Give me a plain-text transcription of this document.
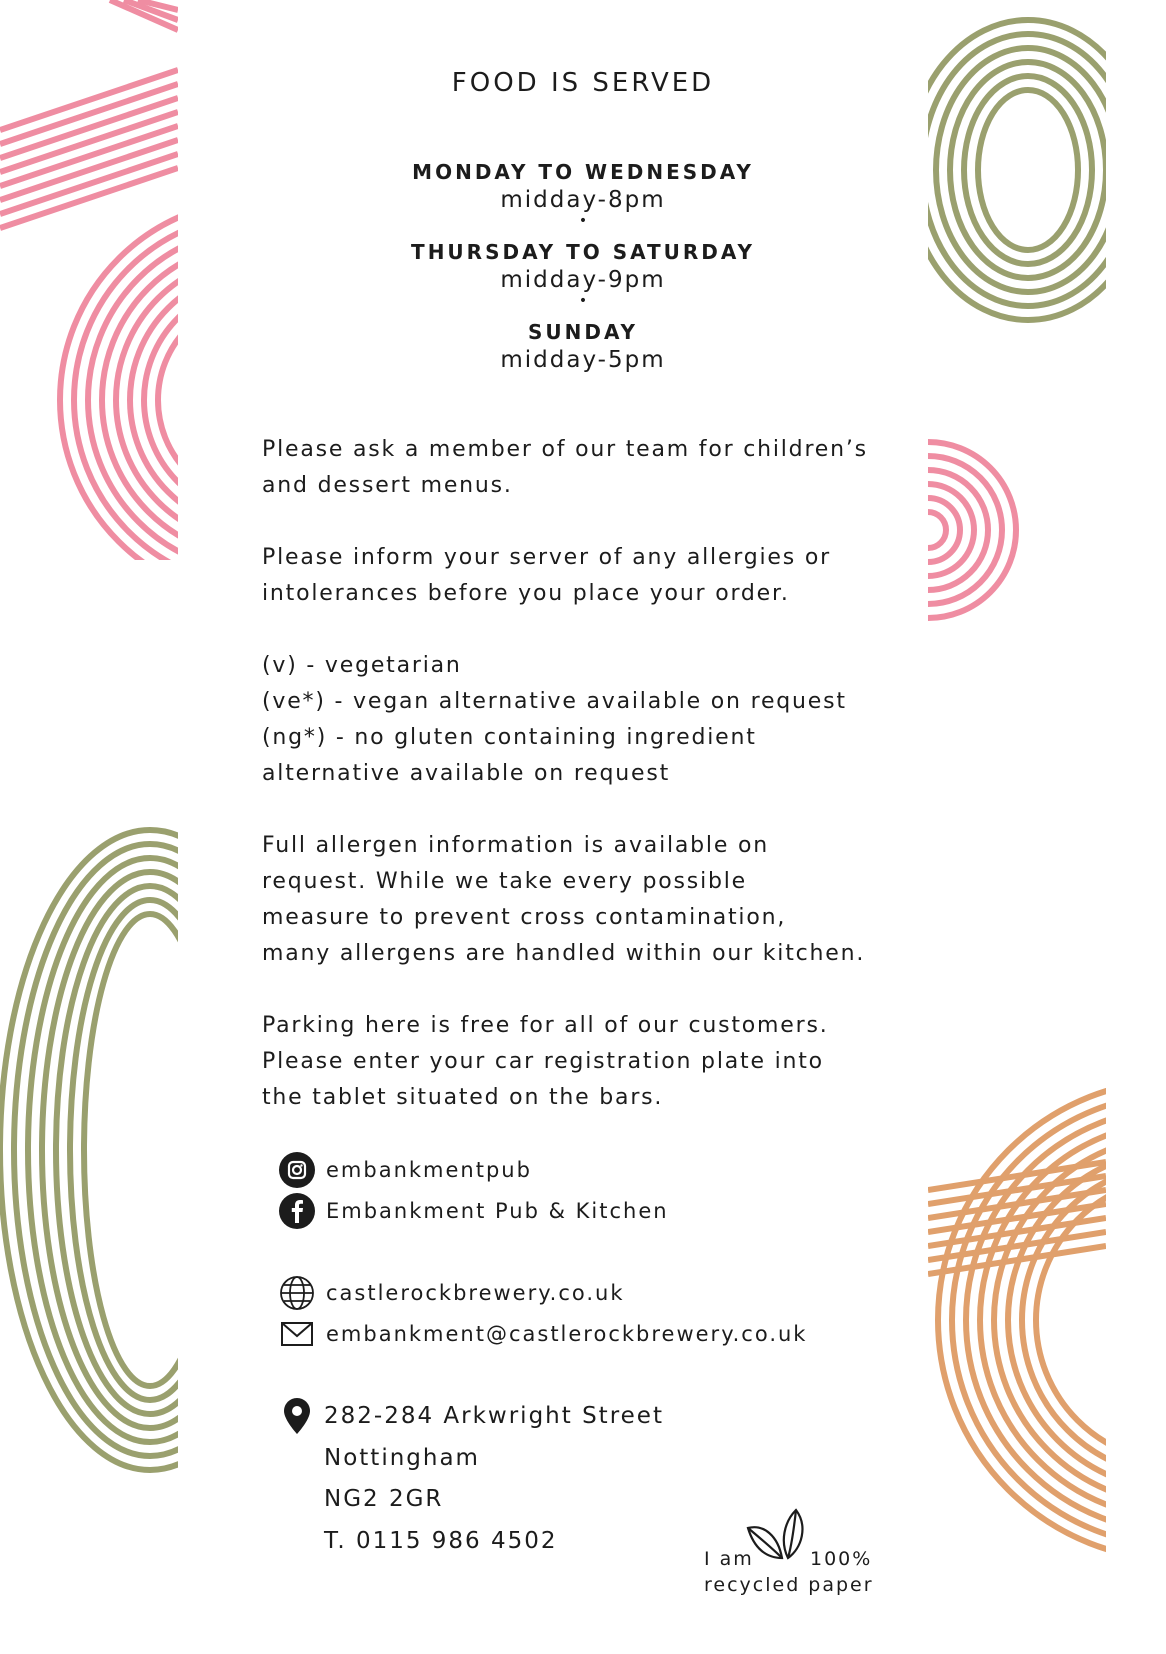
FOOD IS SERVED
MONDAY TO WEDNESDAY
midday-8pm
•
THURSDAY TO SATURDAY
midday-9pm
•
SUNDAY
midday-5pm
Please ask a member of our team for children’s
and dessert menus.
Please inform your server of any allergies or
intolerances before you place your order.
(v) - vegetarian
(ve*) - vegan alternative available on request
(ng*) - no gluten containing ingredient
alternative available on request
Full allergen information is available on
request. While we take every possible
measure to prevent cross contamination,
many allergens are handled within our kitchen.
Parking here is free for all of our customers.
Please enter your car registration plate into
the tablet situated on the bars.
embankmentpub
Embankment Pub & Kitchen
castlerockbrewery.co.uk
embankment@castlerockbrewery.co.uk
282-284 Arkwright Street
Nottingham
NG2 2GR
T. 0115 986 4502
I am	100%
recycled paper
